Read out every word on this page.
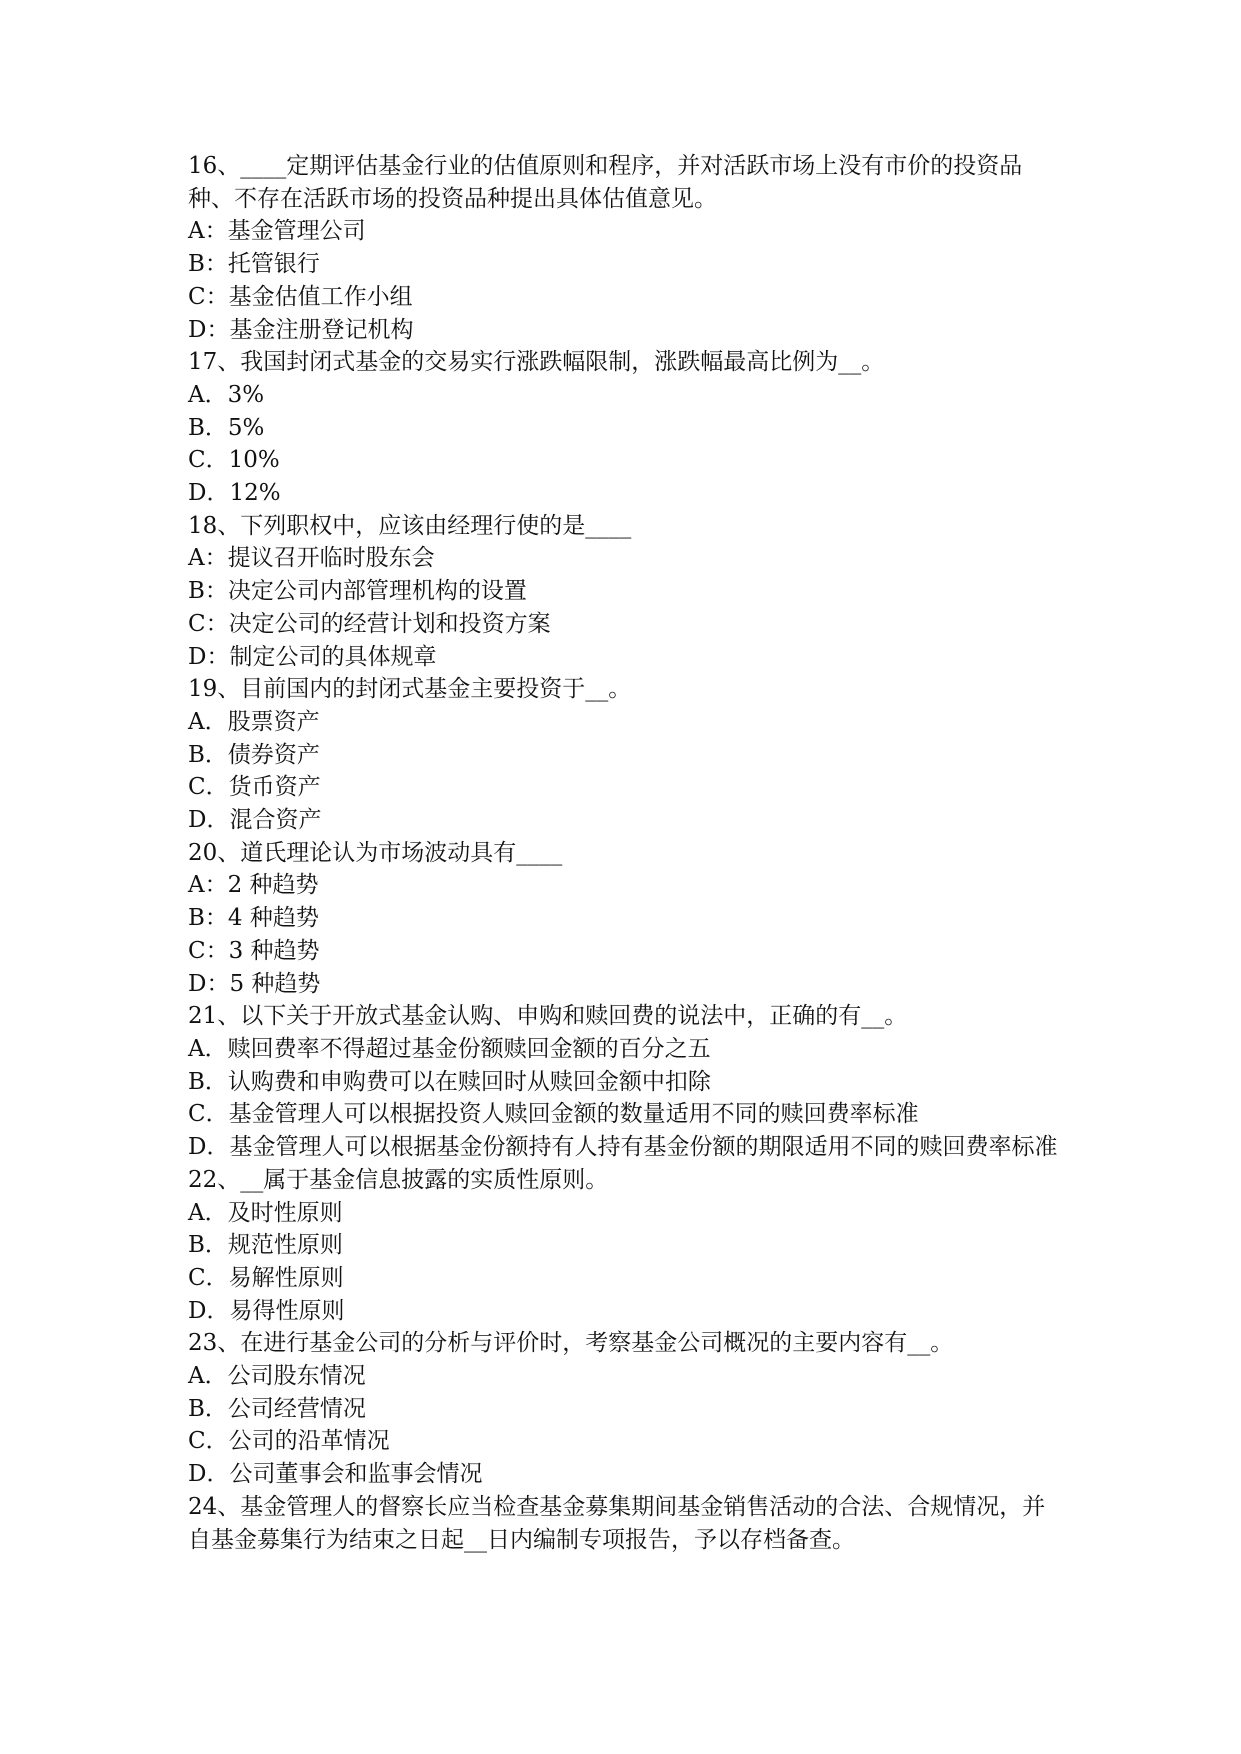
16、____定期评估基金行业的估值原则和程序，并对活跃市场上没有市价的投资品种、不存在活跃市场的投资品种提出具体估值意见。
A：基金管理公司
B：托管银行
C：基金估值工作小组
D：基金注册登记机构
17、我国封闭式基金的交易实行涨跌幅限制，涨跌幅最高比例为__。
A．3%
B．5%
C．10%
D．12%
18、下列职权中，应该由经理行使的是____
A：提议召开临时股东会
B：决定公司内部管理机构的设置
C：决定公司的经营计划和投资方案
D：制定公司的具体规章
19、目前国内的封闭式基金主要投资于__。
A．股票资产
B．债券资产
C．货币资产
D．混合资产
20、道氏理论认为市场波动具有____
A：2 种趋势
B：4 种趋势
C：3 种趋势
D：5 种趋势
21、以下关于开放式基金认购、申购和赎回费的说法中，正确的有__。
A．赎回费率不得超过基金份额赎回金额的百分之五
B．认购费和申购费可以在赎回时从赎回金额中扣除
C．基金管理人可以根据投资人赎回金额的数量适用不同的赎回费率标准
D．基金管理人可以根据基金份额持有人持有基金份额的期限适用不同的赎回费率标准
22、__属于基金信息披露的实质性原则。
A．及时性原则
B．规范性原则
C．易解性原则
D．易得性原则
23、在进行基金公司的分析与评价时，考察基金公司概况的主要内容有__。
A．公司股东情况
B．公司经营情况
C．公司的沿革情况
D．公司董事会和监事会情况
24、基金管理人的督察长应当检查基金募集期间基金销售活动的合法、合规情况，并自基金募集行为结束之日起__日内编制专项报告，予以存档备查。
